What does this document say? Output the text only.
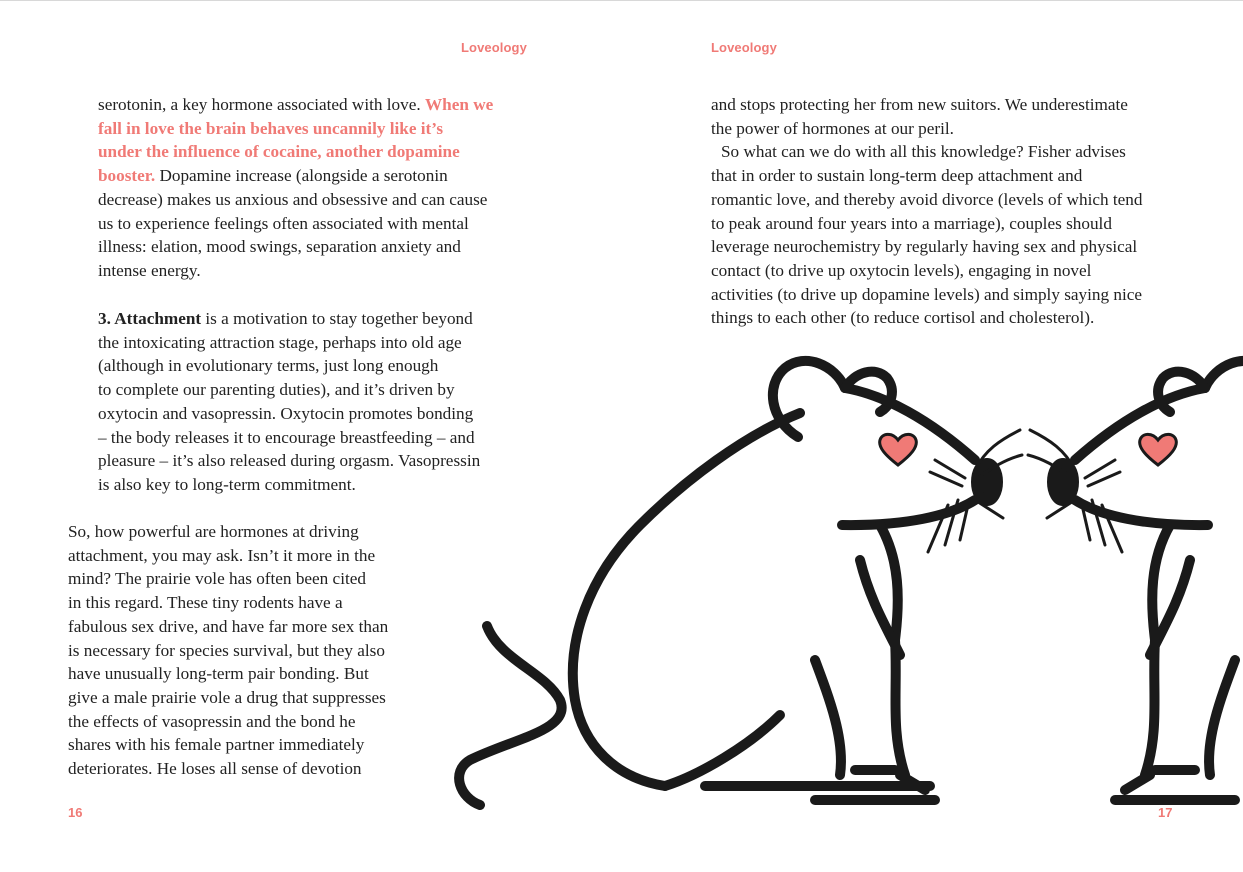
Loveology	Loveology
serotonin, a key hormone associated with love. When we
fall in love the brain behaves uncannily like it’s
under the influence of cocaine, another dopamine
booster. Dopamine increase (alongside a serotonin
decrease) makes us anxious and obsessive and can cause
us to experience feelings often associated with mental
illness: elation, mood swings, separation anxiety and
intense energy.
3. Attachment is a motivation to stay together beyond
the intoxicating attraction stage, perhaps into old age
(although in evolutionary terms, just long enough
to complete our parenting duties), and it’s driven by
oxytocin and vasopressin. Oxytocin promotes bonding
– the body releases it to encourage breastfeeding – and
pleasure – it’s also released during orgasm. Vasopressin
is also key to long-term commitment.
So, how powerful are hormones at driving
attachment, you may ask. Isn’t it more in the
mind? The prairie vole has often been cited
in this regard. These tiny rodents have a
fabulous sex drive, and have far more sex than
is necessary for species survival, but they also
have unusually long-term pair bonding. But
give a male prairie vole a drug that suppresses
the effects of vasopressin and the bond he
shares with his female partner immediately
deteriorates. He loses all sense of devotion
and stops protecting her from new suitors. We underestimate
the power of hormones at our peril.
So what can we do with all this knowledge? Fisher advises
that in order to sustain long-term deep attachment and
romantic love, and thereby avoid divorce (levels of which tend
to peak around four years into a marriage), couples should
leverage neurochemistry by regularly having sex and physical
contact (to drive up oxytocin levels), engaging in novel
activities (to drive up dopamine levels) and simply saying nice
things to each other (to reduce cortisol and cholesterol).
16	17
